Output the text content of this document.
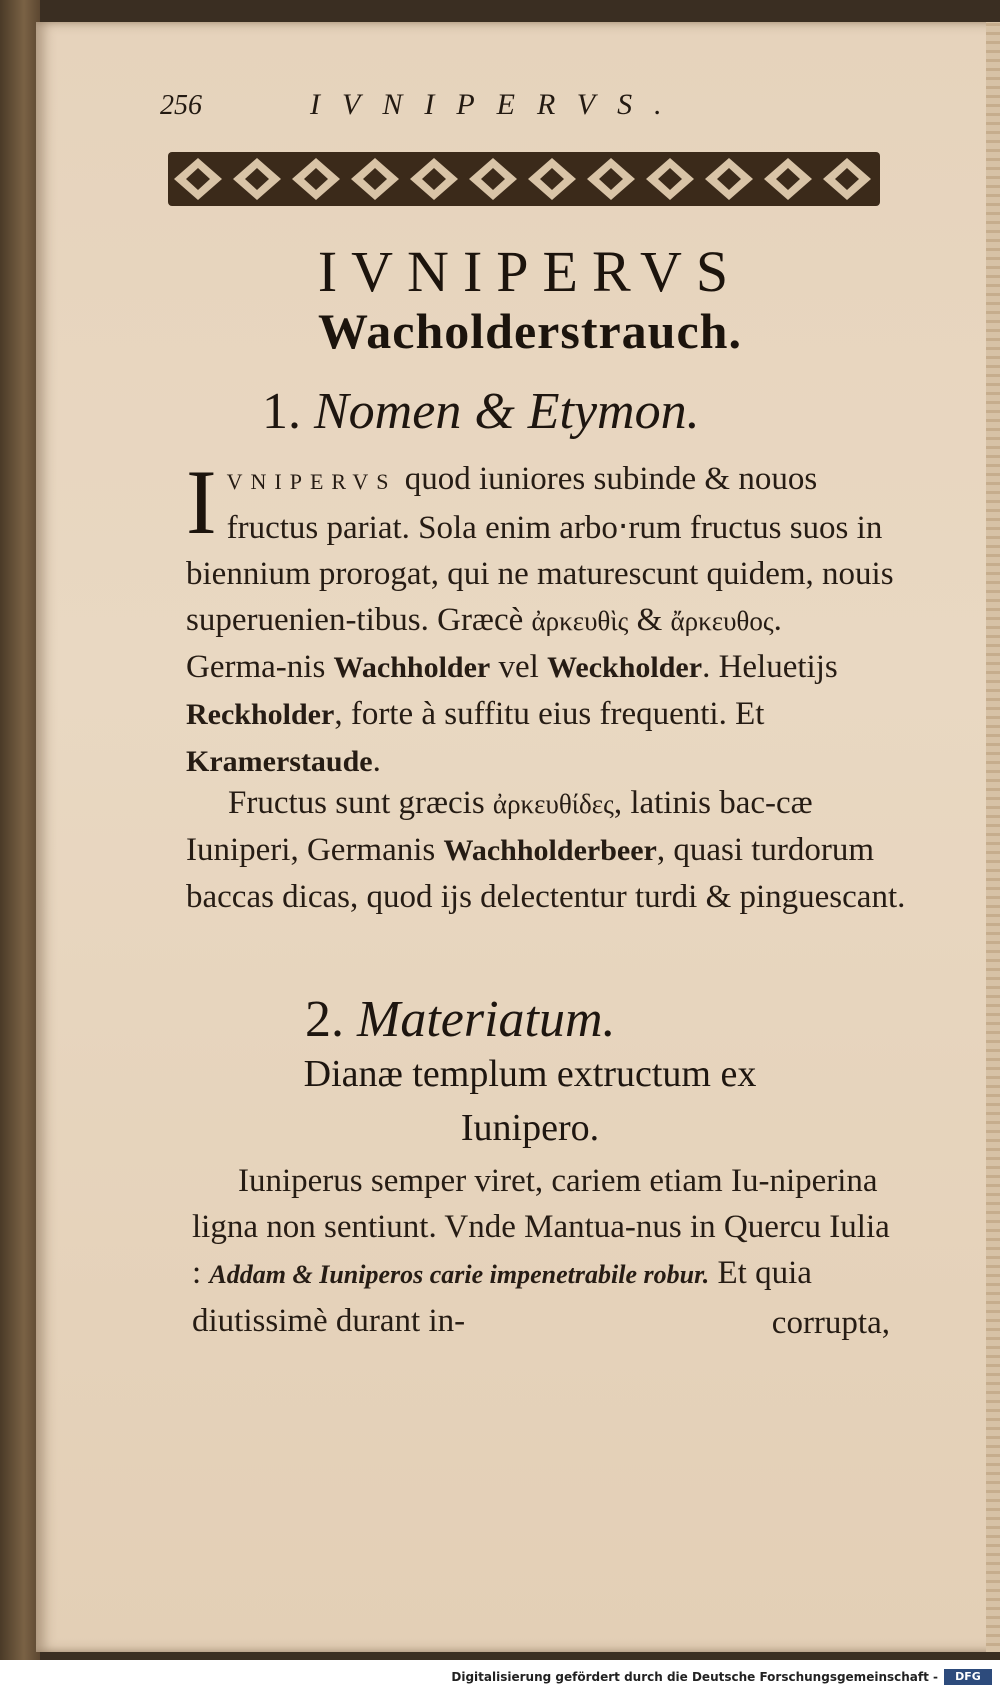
256	IVNIPERVS.
IVNIPERVS
Wacholderstrauch.
1. Nomen & Etymon.
IVNIPERVS quod iuniores subinde & nouos fructus pariat. Sola enim arbo‧rum fructus suos in biennium prorogat, qui ne maturescunt quidem, nouis superuenien‑tibus. Græcè ἀρκευθὶς & ἄρκευθος. Germa‑nis Wachholder vel Weckholder. Heluetijs Reckholder, forte à suffitu eius frequenti. Et Kramerstaude.
Fructus sunt græcis ἀρκευθίδες, latinis bac‑cæ Iuniperi, Germanis Wachholderbeer, quasi turdorum baccas dicas, quod ijs delectentur turdi & pinguescant.
2. Materiatum.
Dianæ templum extructum ex Iunipero.
Iuniperus semper viret, cariem etiam Iu‑niperina ligna non sentiunt. Vnde Mantua‑nus in Quercu Iulia : Addam & Iuniperos carie impenetrabile robur. Et quia diutissimè durant in‑	corrupta,
Digitalisierung gefördert durch die Deutsche Forschungsgemeinschaft -	DFG
